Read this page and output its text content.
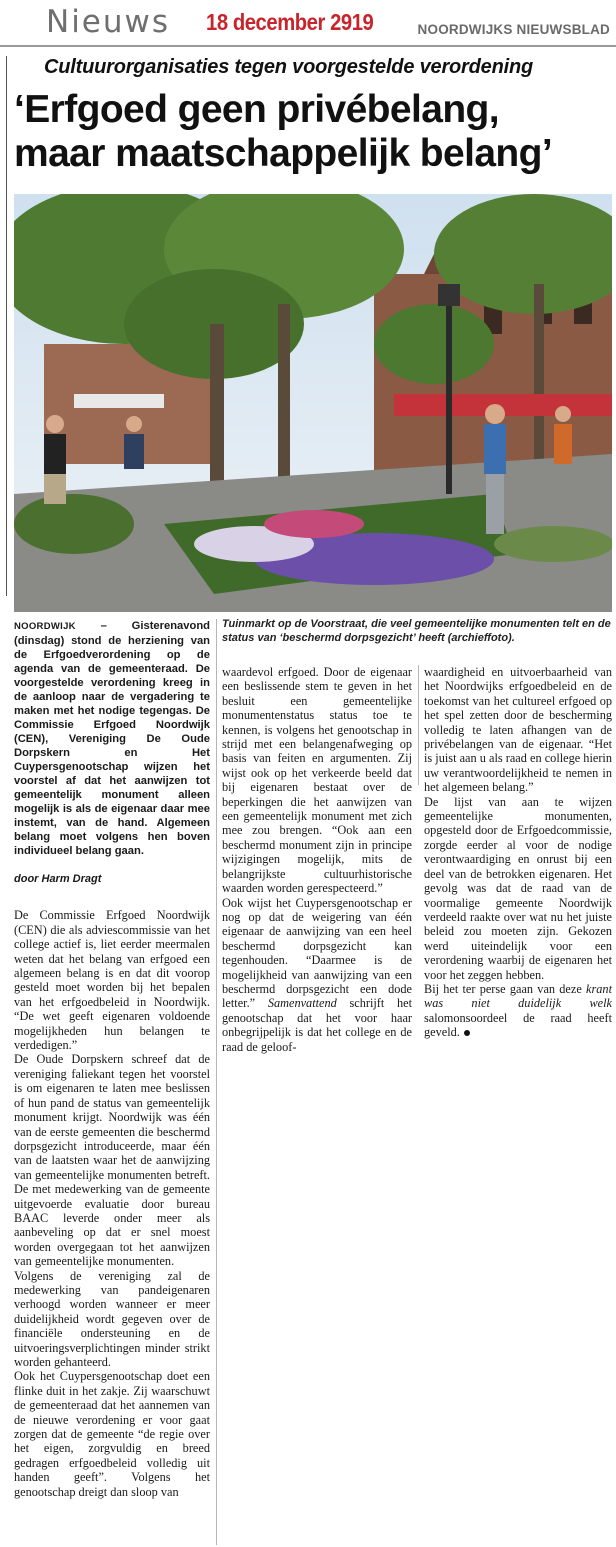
Nieuws 18 december 2919	NOORDWIJKS NIEUWSBLAD
Cultuurorganisaties tegen voorgestelde verordening
‘Erfgoed geen privébelang,
maar maatschappelijk belang’
Tuinmarkt op de Voorstraat, die veel gemeentelijke monumenten telt en de status van ‘beschermd dorpsgezicht’ heeft (archieffoto).

NOORDWIJK – Gisterenavond (dinsdag) stond de herziening van de Erfgoedverordening op de agenda van de gemeenteraad. De voorgestelde verordening kreeg in de aanloop naar de vergadering te maken met het nodige tegengas. De Commissie Erfgoed Noordwijk (CEN), Vereniging De Oude Dorpskern en Het Cuypersgenootschap wijzen het voorstel af dat het aanwijzen tot gemeentelijk monument alleen mogelijk is als de eigenaar daar mee instemt, van de hand. Algemeen belang moet volgens hen boven individueel belang gaan.

door Harm Dragt

De Commissie Erfgoed Noordwijk (CEN) die als adviescommissie van het college actief is, liet eerder meermalen weten dat het belang van erfgoed een algemeen belang is en dat dit voorop gesteld moet worden bij het bepalen van het erfgoedbeleid in Noordwijk. “De wet geeft eigenaren voldoende mogelijkheden hun belangen te verdedigen.”

De Oude Dorpskern schreef dat de vereniging faliekant tegen het voorstel is om eigenaren te laten mee beslissen of hun pand de status van gemeentelijk monument krijgt. Noordwijk was één van de eerste gemeenten die beschermd dorpsgezicht introduceerde, maar één van de laatsten waar het de aanwijzing van gemeentelijke monumenten betreft. De met medewerking van de gemeente uitgevoerde evaluatie door bureau BAAC leverde onder meer als aanbeveling op dat er snel moest worden overgegaan tot het aanwijzen van gemeentelijke monumenten.

Volgens de vereniging zal de medewerking van pandeigenaren verhoogd worden wanneer er meer duidelijkheid wordt gegeven over de financiële ondersteuning en de uitvoeringsverplichtingen minder strikt worden gehanteerd.

Ook het Cuypersgenootschap doet een flinke duit in het zakje. Zij waarschuwt de gemeenteraad dat het aannemen van de nieuwe verordening er voor gaat zorgen dat de gemeente “de regie over het eigen, zorgvuldig en breed gedragen erfgoedbeleid volledig uit handen geeft”. Volgens het genootschap dreigt dan sloop van

waardevol erfgoed. Door de eigenaar een beslissende stem te geven in het besluit een gemeentelijke monumentenstatus status toe te kennen, is volgens het genootschap in strijd met een belangenafweging op basis van feiten en argumenten. Zij wijst ook op het verkeerde beeld dat bij eigenaren bestaat over de beperkingen die het aanwijzen van een gemeentelijk monument met zich mee zou brengen. “Ook aan een beschermd monument zijn in principe wijzigingen mogelijk, mits de belangrijkste cultuurhistorische waarden worden gerespecteerd.”

Ook wijst het Cuypersgenootschap er nog op dat de weigering van één eigenaar de aanwijzing van een heel beschermd dorpsgezicht kan tegenhouden. “Daarmee is de mogelijkheid van aanwijzing van een beschermd dorpsgezicht een dode letter.” Samenvattend schrijft het genootschap dat het voor haar onbegrijpelijk is dat het college en de raad de geloof-

waardigheid en uitvoerbaarheid van het Noordwijks erfgoedbeleid en de toekomst van het cultureel erfgoed op het spel zetten door de bescherming volledig te laten afhangen van de privébelangen van de eigenaar. “Het is juist aan u als raad en college hierin uw verantwoordelijkheid te nemen in het algemeen belang.”

De lijst van aan te wijzen gemeentelijke monumenten, opgesteld door de Erfgoedcommissie, zorgde eerder al voor de nodige verontwaardiging en onrust bij een deel van de betrokken eigenaren. Het gevolg was dat de raad van de voormalige gemeente Noordwijk verdeeld raakte over wat nu het juiste beleid zou moeten zijn. Gekozen werd uiteindelijk voor een verordening waarbij de eigenaren het voor het zeggen hebben.

Bij het ter perse gaan van deze krant was niet duidelijk welk salomonsoordeel de raad heeft geveld.
